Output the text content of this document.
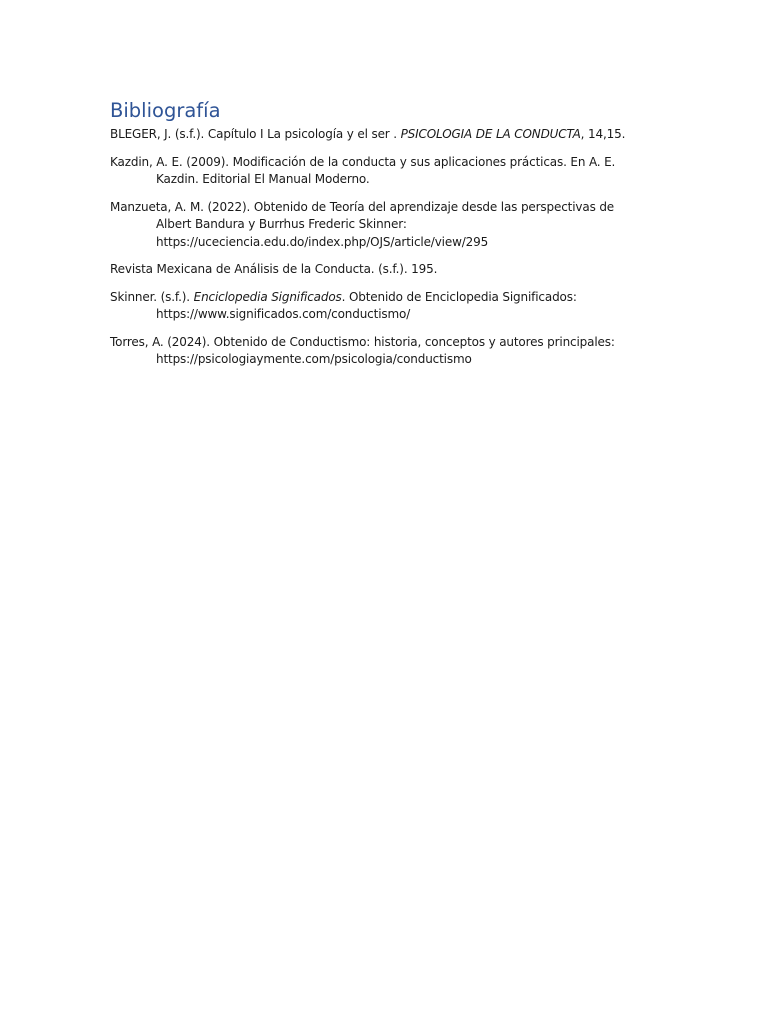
Bibliografía

BLEGER, J. (s.f.). Capítulo I La psicología y el ser . PSICOLOGIA DE LA CONDUCTA, 14,15.

Kazdin, A. E. (2009). Modificación de la conducta y sus aplicaciones prácticas. En A. E. Kazdin. Editorial El Manual Moderno.

Manzueta, A. M. (2022). Obtenido de Teoría del aprendizaje desde las perspectivas de Albert Bandura y Burrhus Frederic Skinner: https://uceciencia.edu.do/index.php/OJS/article/view/295

Revista Mexicana de Análisis de la Conducta. (s.f.). 195.

Skinner. (s.f.). Enciclopedia Significados. Obtenido de Enciclopedia Significados: https://www.significados.com/conductismo/

Torres, A. (2024). Obtenido de Conductismo: historia, conceptos y autores principales: https://psicologiaymente.com/psicologia/conductismo
